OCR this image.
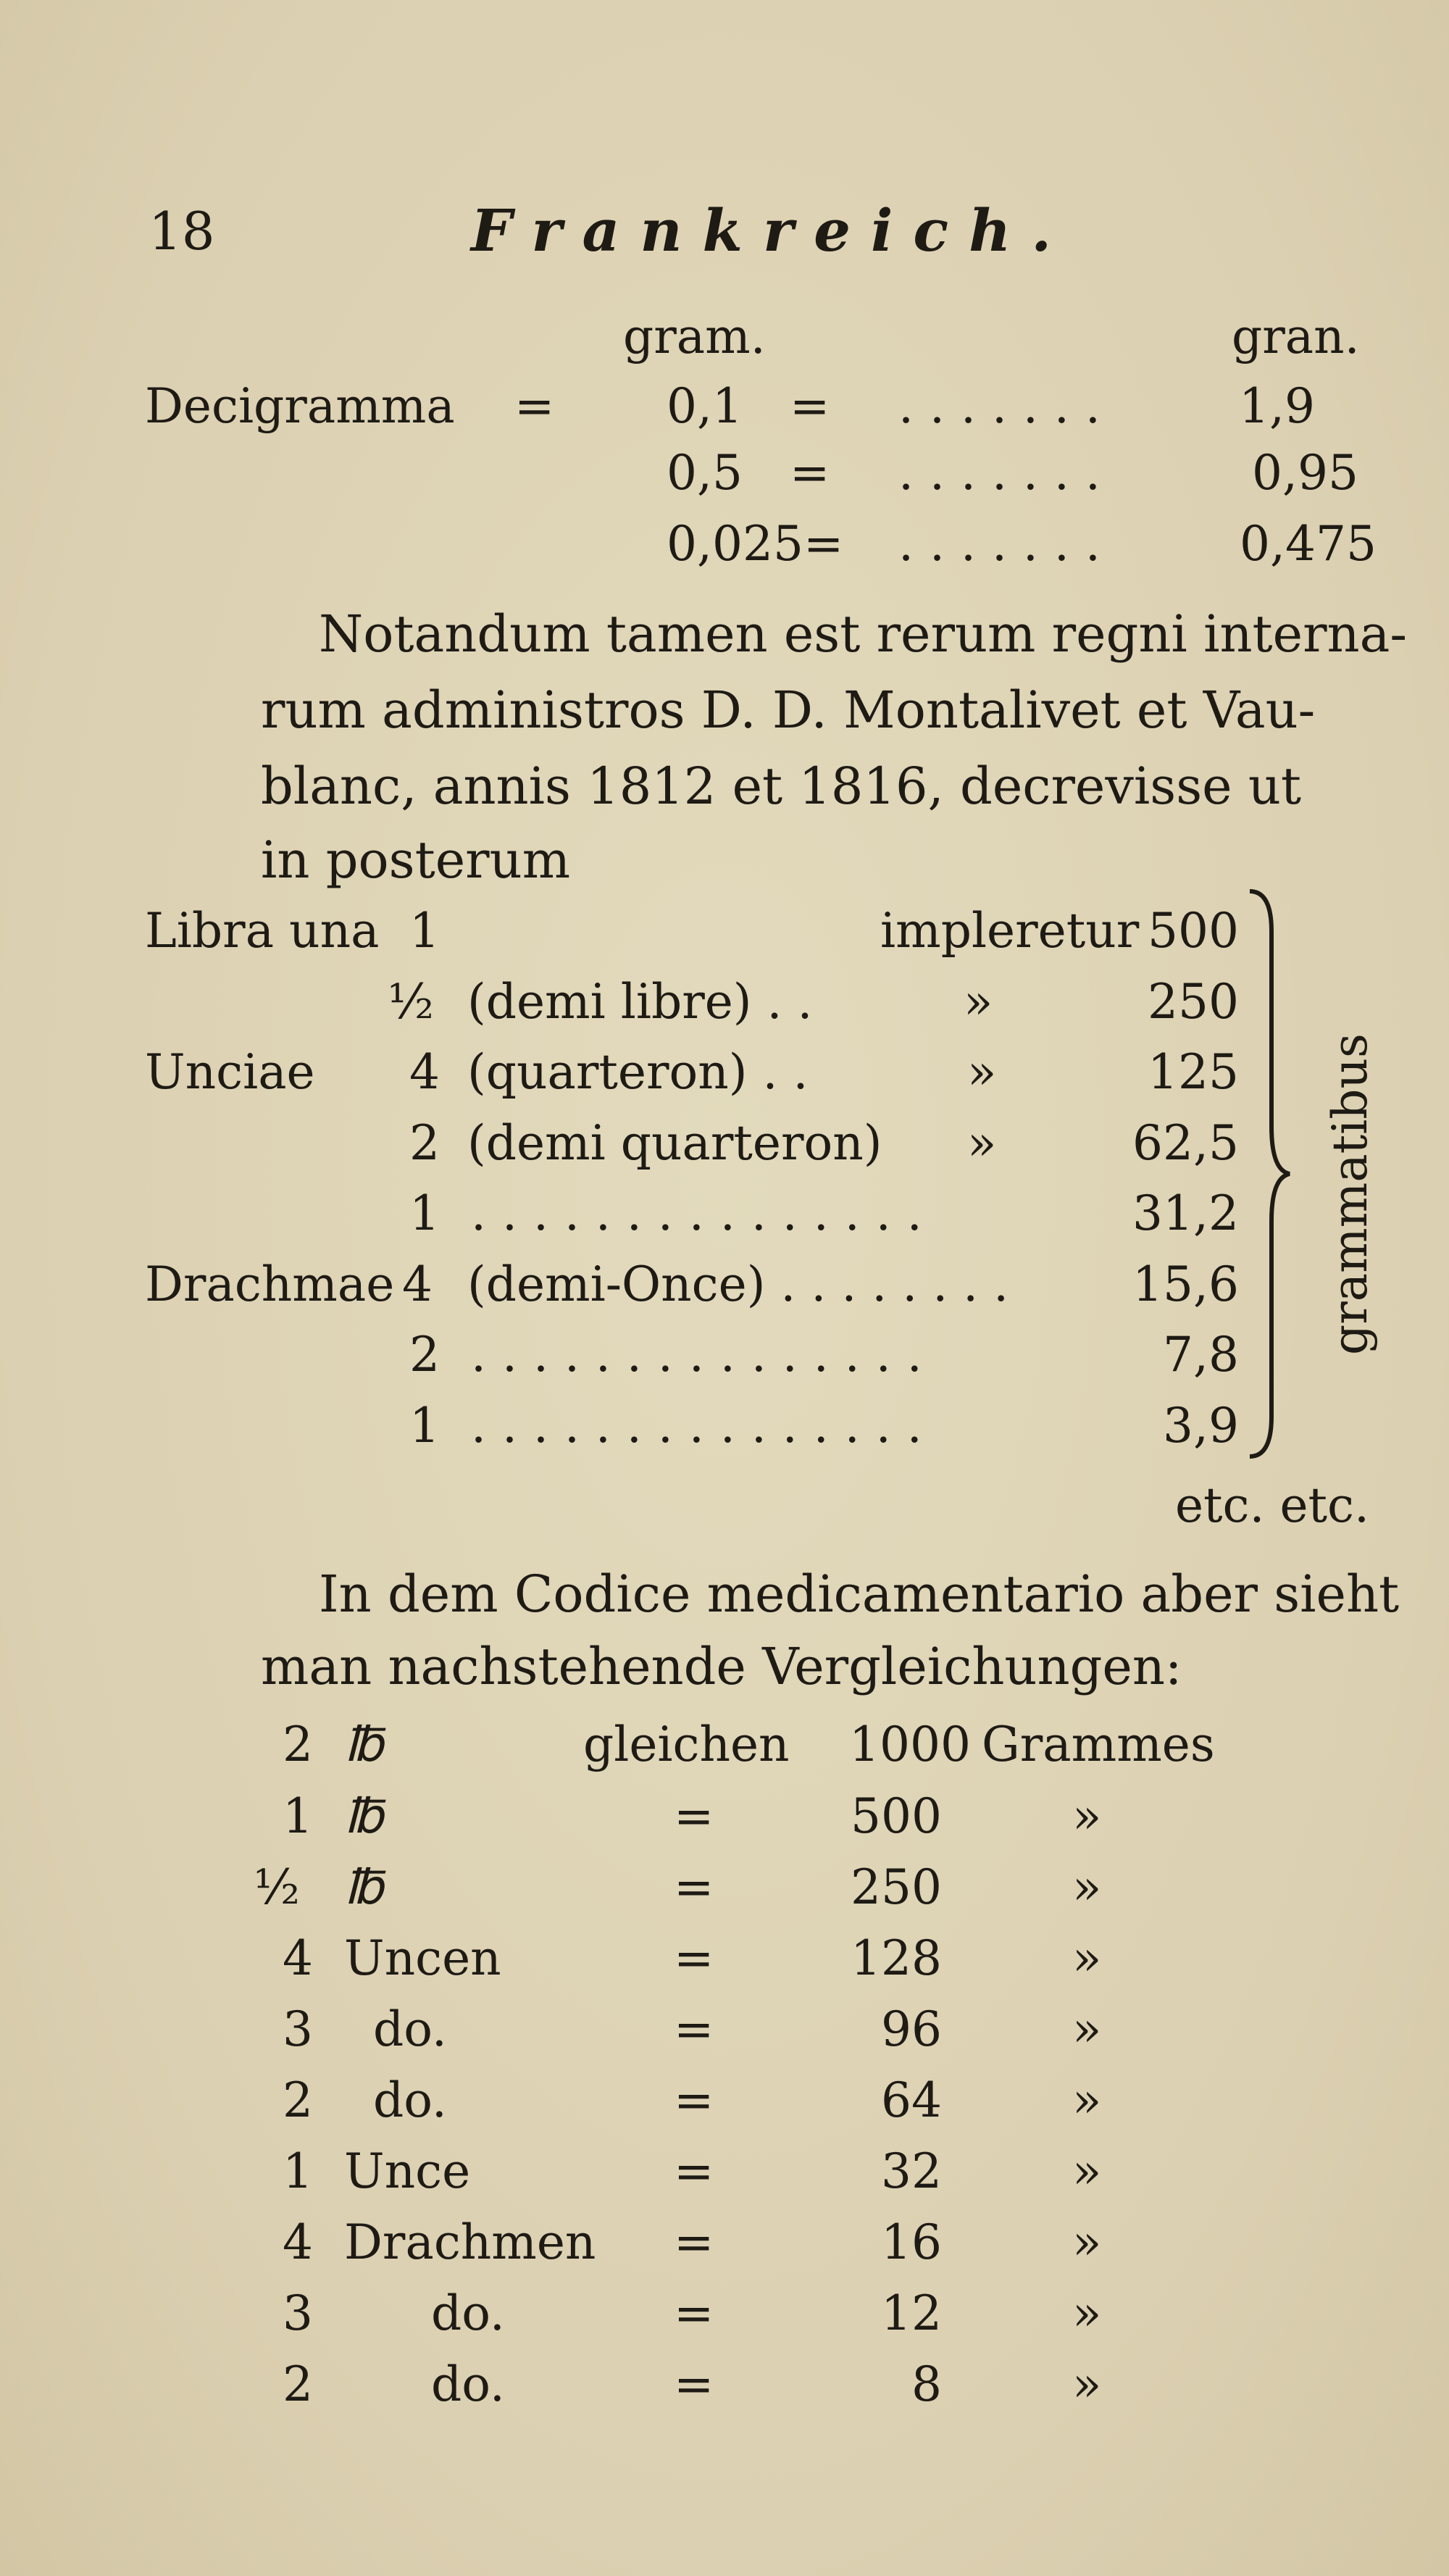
18	Frankreich.
gram.	gran.
Decigramma = 0,1 = .......	1,9
0,5 = .......	0,95
0,025= .......	0,475
Notandum tamen est rerum regni interna-
rum administros D. D. Montalivet et Vau-
blanc, annis 1812 et 1816, decrevisse ut
in posterum
Libra una 1	impleretur 500
½ (demi libre) . .	»	250
Unciae 4 (quarteron) . .	»	125
2 (demi quarteron) »	62,5
1 ...............	31,2
Drachmae 4 (demi-Once) . . . . . . . .	15,6
2 ...............	7,8
1 ...............	3,9
grammatibus
etc. etc.
In dem Codice medicamentario aber sieht
man nachstehende Vergleichungen:
2 ℔	gleichen	1000 Grammes
1 ℔	=	500	»
½ ℔	=	250	»
4 Uncen	=	128	»
3 do.	=	96	»
2 do.	=	64	»
1 Unce	=	32	»
4 Drachmen =	16	»
3 do.	=	12	»
2 do.	=	8	»
